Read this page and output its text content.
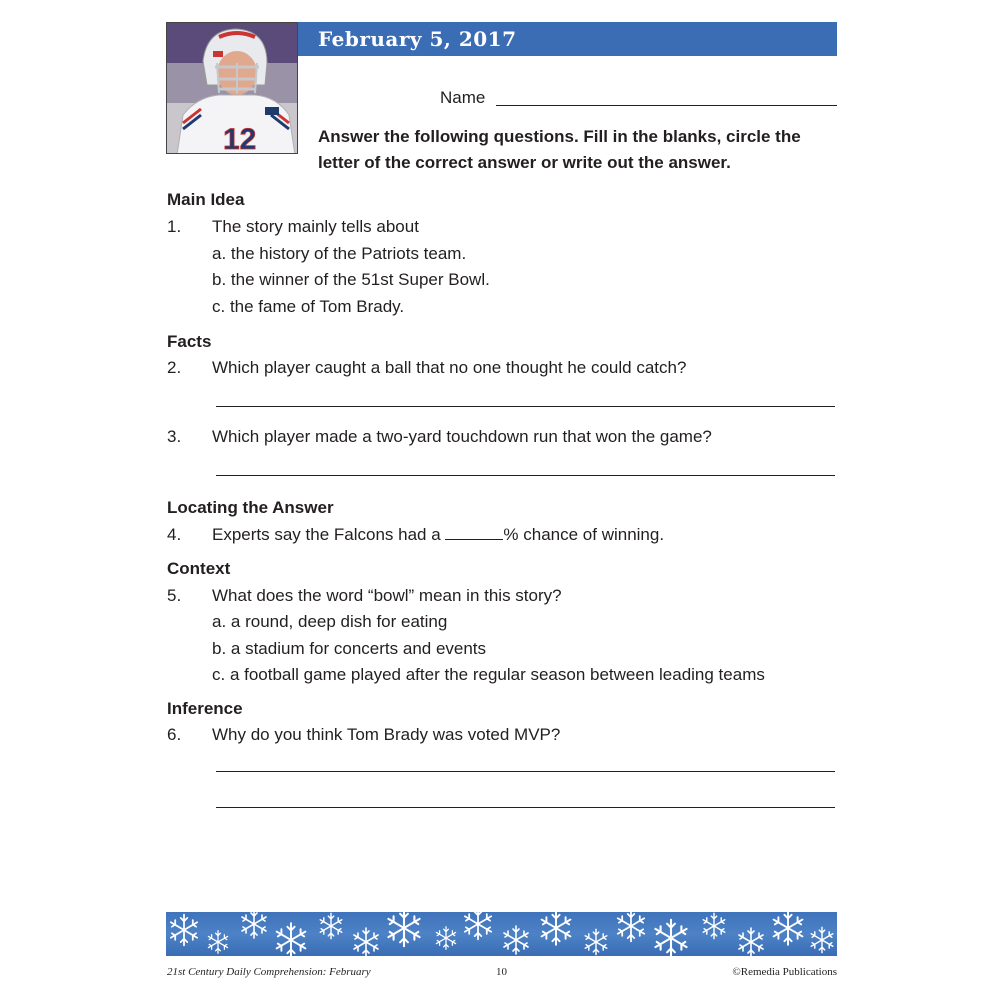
12
February 5, 2017
Name
Answer the following questions. Fill in the blanks, circle the letter of the correct answer or write out the answer.
Main Idea
1. The story mainly tells about
a. the history of the Patriots team.
b. the winner of the 51st Super Bowl.
c. the fame of Tom Brady.
Facts
2. Which player caught a ball that no one thought he could catch?
3. Which player made a two-yard touchdown run that won the game?
Locating the Answer
4. Experts say the Falcons had a	% chance of winning.
Context
5. What does the word “bowl” mean in this story?
a. a round, deep dish for eating
b. a stadium for concerts and events
c. a football game played after the regular season between leading teams
Inference
6. Why do you think Tom Brady was voted MVP?
21st Century Daily Comprehension: February	10	©Remedia Publications
